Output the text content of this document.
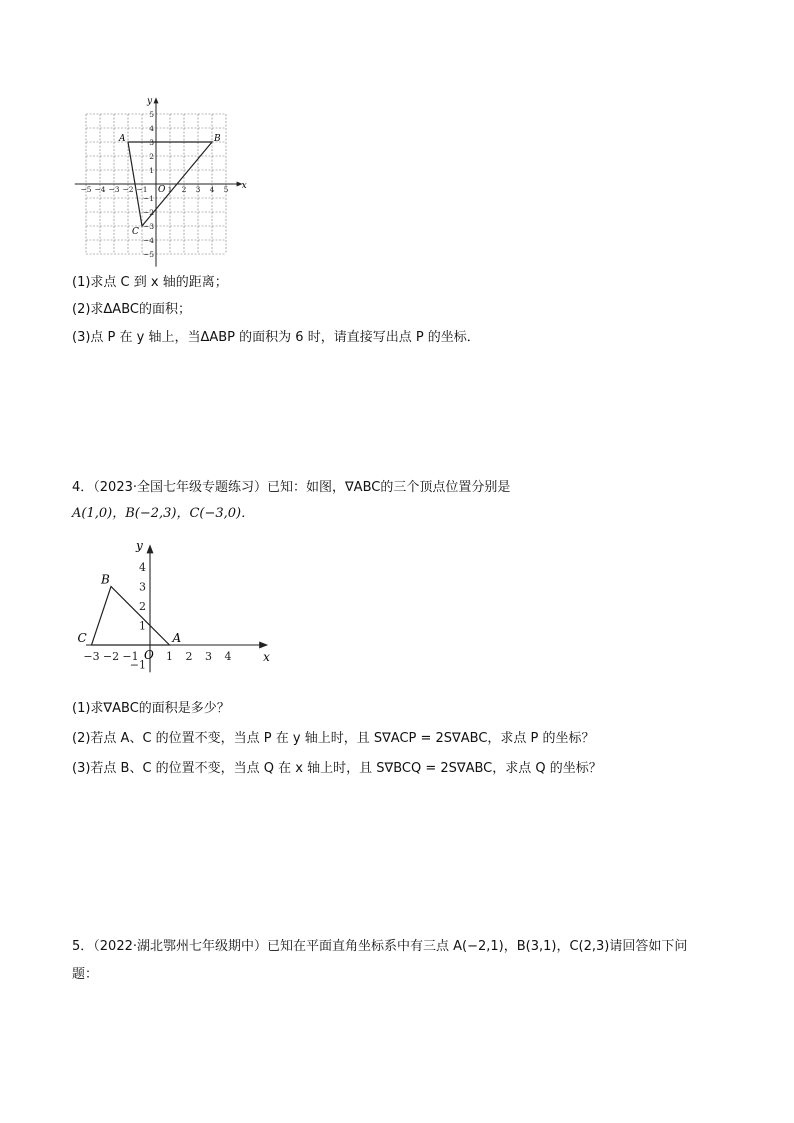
−5 −4 −3 −2 −1	1 2 3 4 5
5
4
3
2
1
−1
−2
−3
−4
−5
A	B
C
O	x
y
(1)求点 C 到 x 轴的距离；
(2)求ΔABC的面积；
(3)点 P 在 y 轴上，当ΔABP 的面积为 6 时，请直接写出点 P 的坐标．
4．（2023·全国七年级专题练习）已知：如图，∇ABC的三个顶点位置分别是
A(1,0)，B(−2,3)，C(−3,0)．
−3 −2 −1 1 2 3 4
4
3
2
1
−1
A
B
C
O	x
y
(1)求∇ABC的面积是多少？
(2)若点 A、C 的位置不变，当点 P 在 y 轴上时，且 S∇ACP = 2S∇ABC，求点 P 的坐标？
(3)若点 B、C 的位置不变，当点 Q 在 x 轴上时，且 S∇BCQ = 2S∇ABC，求点 Q 的坐标？
5．（2022·湖北鄂州七年级期中）已知在平面直角坐标系中有三点 A(−2,1)，B(3,1)，C(2,3)请回答如下问
题：
